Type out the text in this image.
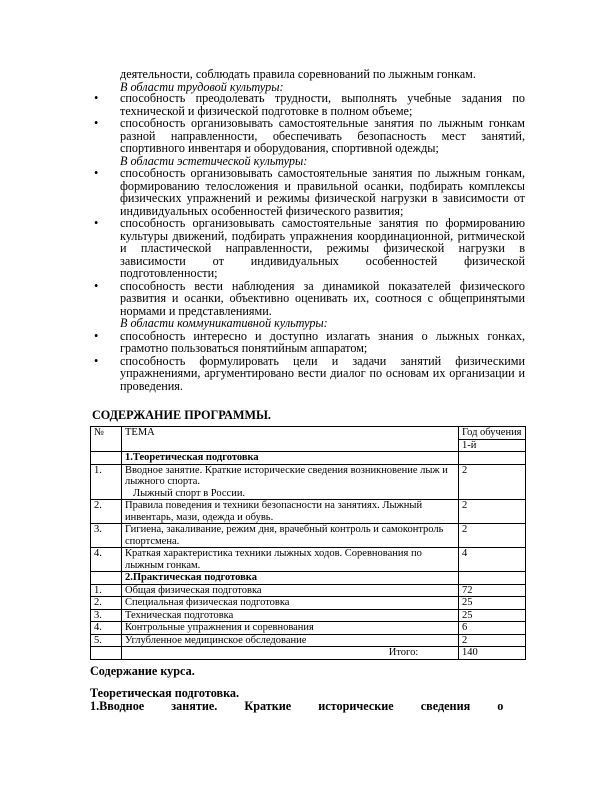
деятельности, соблюдать правила соревнований по лыжным гонкам.
В области трудовой культуры:
• способность преодолевать трудности, выполнять учебные задания по технической и физической подготовке в полном объеме;
• способность организовывать самостоятельные занятия по лыжным гонкам разной направленности, обеспечивать безопасность мест занятий, спортивного инвентаря и оборудования, спортивной одежды;
В области эстетической культуры:
• способность организовывать самостоятельные занятия по лыжным гонкам, формированию телосложения и правильной осанки, подбирать комплексы физических упражнений и режимы физической нагрузки в зависимости от индивидуальных особенностей физического развития;
• способность организовывать самостоятельные занятия по формированию культуры движений, подбирать упражнения координационной, ритмической и пластической направленности, режимы физической нагрузки в зависимости от индивидуальных особенностей физической подготовленности;
• способность вести наблюдения за динамикой показателей физического развития и осанки, объективно оценивать их, соотнося с общепринятыми нормами и представлениями.
В области коммуникативной культуры:
• способность интересно и доступно излагать знания о лыжных гонках, грамотно пользоваться понятийным аппаратом;
• способность формулировать цели и задачи занятий физическими упражнениями, аргументировано вести диалог по основам их организации и проведения.
СОДЕРЖАНИЕ ПРОГРАММЫ.
№	ТЕМА	Год обучения
		1-й
	1.Теоретическая подготовка	
1.	Вводное занятие. Краткие исторические сведения возникновение лыж и лыжного спорта.
Лыжный спорт в России.	2
2.	Правила поведения и техники безопасности на занятиях. Лыжный инвентарь, мази, одежда и обувь.	2
3.	Гигиена, закаливание, режим дня, врачебный контроль и самоконтроль спортсмена.	2
4.	Краткая характеристика техники лыжных ходов. Соревнования по лыжным гонкам.	4
	2.Практическая подготовка	
1.	Общая физическая подготовка	72
2.	Специальная физическая подготовка	25
3.	Техническая подготовка	25
4.	Контрольные упражнения и соревнования	6
5.	Углубленное медицинское обследование	2
	Итого:	140
Содержание курса.
Теоретическая подготовка.
1.Вводное занятие. Краткие исторические сведения о
